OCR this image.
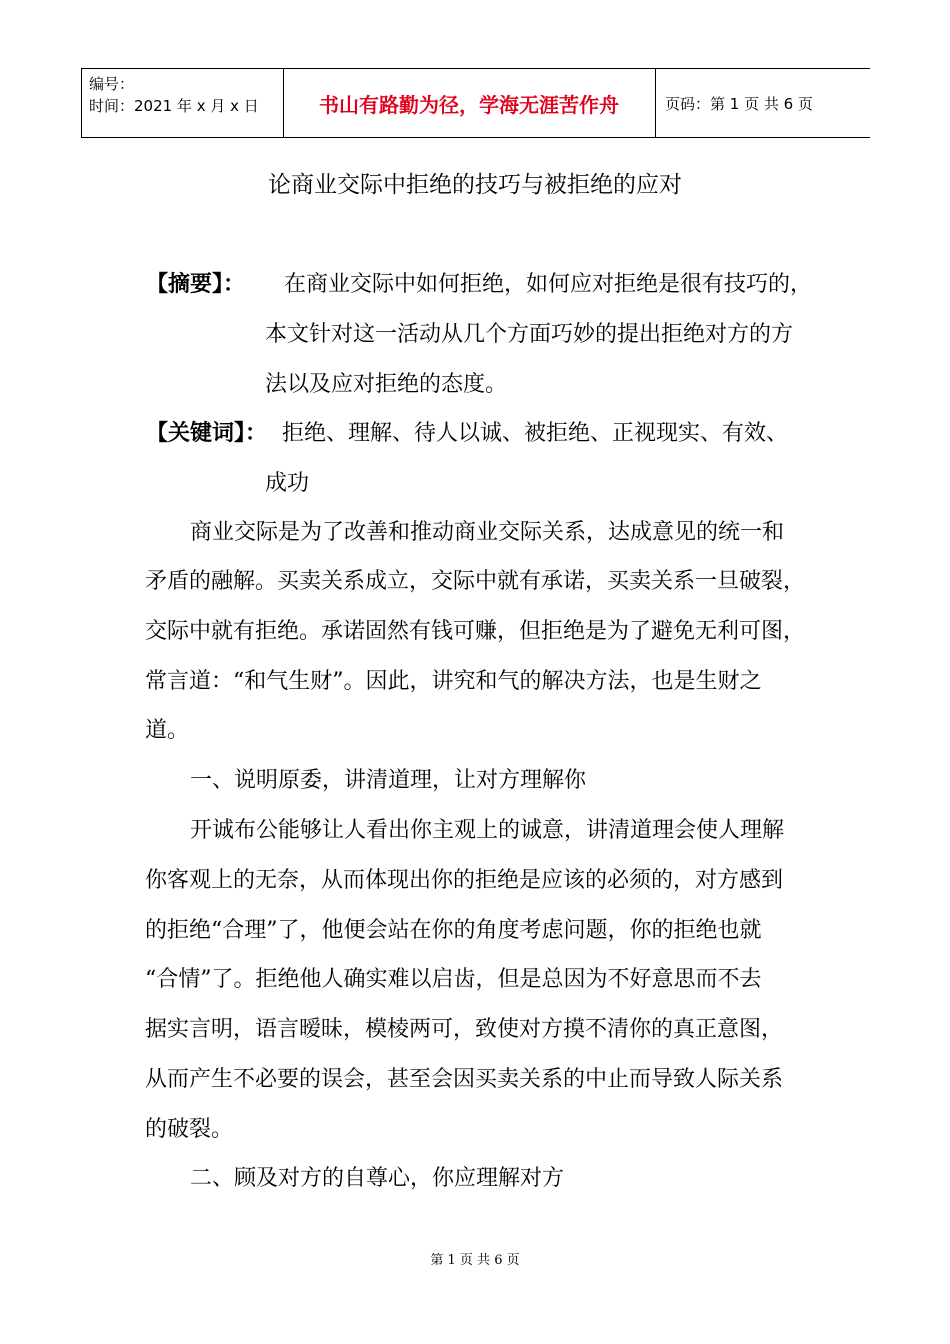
编号：
时间：2021 年 x 月 x 日	书山有路勤为径，学海无涯苦作舟	页码：第 1 页 共 6 页
论商业交际中拒绝的技巧与被拒绝的应对
【摘要】： 在商业交际中如何拒绝，如何应对拒绝是很有技巧的，
本文针对这一活动从几个方面巧妙的提出拒绝对方的方
法以及应对拒绝的态度。
【关键词】： 拒绝、理解、待人以诚、被拒绝、正视现实、有效、
成功
商业交际是为了改善和推动商业交际关系，达成意见的统一和
矛盾的融解。买卖关系成立，交际中就有承诺，买卖关系一旦破裂，
交际中就有拒绝。承诺固然有钱可赚，但拒绝是为了避免无利可图，
常言道：“和气生财”。因此，讲究和气的解决方法，也是生财之
道。
一、说明原委，讲清道理，让对方理解你
开诚布公能够让人看出你主观上的诚意，讲清道理会使人理解
你客观上的无奈，从而体现出你的拒绝是应该的必须的，对方感到
的拒绝“合理”了，他便会站在你的角度考虑问题，你的拒绝也就
“合情”了。拒绝他人确实难以启齿，但是总因为不好意思而不去
据实言明，语言暧昧，模棱两可，致使对方摸不清你的真正意图，
从而产生不必要的误会，甚至会因买卖关系的中止而导致人际关系
的破裂。
二、顾及对方的自尊心，你应理解对方
第 1 页 共 6 页
